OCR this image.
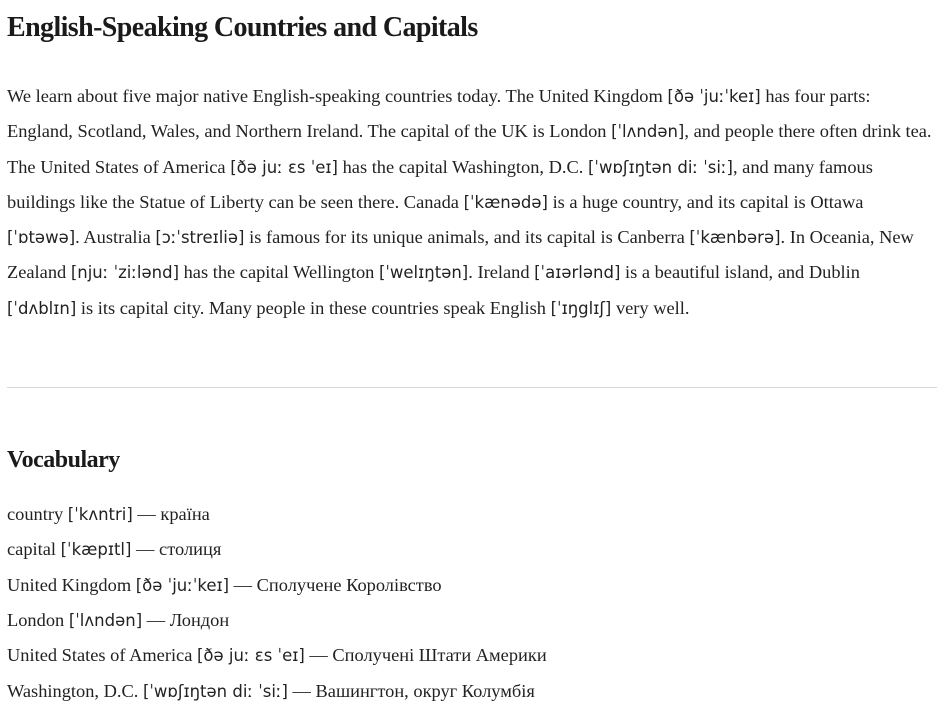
English-Speaking Countries and Capitals

We learn about five major native English-speaking countries today. The United Kingdom [ðə ˈjuːˈkeɪ] has four parts: England, Scotland, Wales, and Northern Ireland. The capital of the UK is London [ˈlʌndən], and people there often drink tea. The United States of America [ðə juː ɛs ˈeɪ] has the capital Washington, D.C. [ˈwɒʃɪŋtən diː ˈsiː], and many famous buildings like the Statue of Liberty can be seen there. Canada [ˈkænədə] is a huge country, and its capital is Ottawa [ˈɒtəwə]. Australia [ɔːˈstreɪliə] is famous for its unique animals, and its capital is Canberra [ˈkænbərə]. In Oceania, New Zealand [njuː ˈziːlənd] has the capital Wellington [ˈwelɪŋtən]. Ireland [ˈaɪərlənd] is a beautiful island, and Dublin [ˈdʌblɪn] is its capital city. Many people in these countries speak English [ˈɪŋglɪʃ] very well.

Vocabulary
country [ˈkʌntri] — країна
capital [ˈkæpɪtl] — столиця
United Kingdom [ðə ˈjuːˈkeɪ] — Сполучене Королівство
London [ˈlʌndən] — Лондон
United States of America [ðə juː ɛs ˈeɪ] — Сполучені Штати Америки
Washington, D.C. [ˈwɒʃɪŋtən diː ˈsiː] — Вашингтон, округ Колумбія
